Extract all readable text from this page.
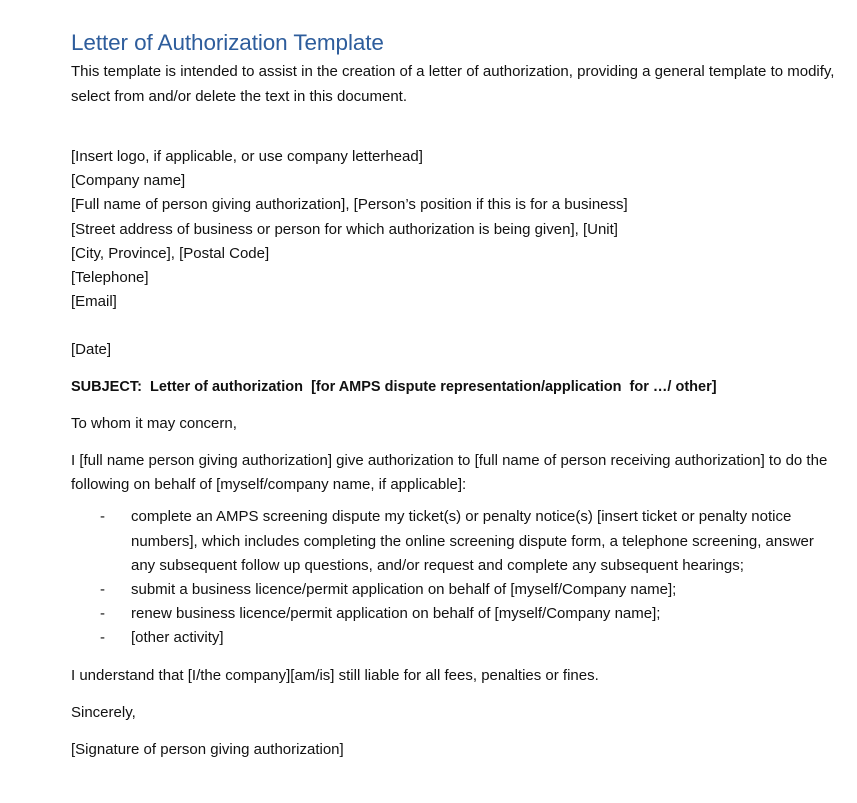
Letter of Authorization Template

This template is intended to assist in the creation of a letter of authorization, providing a general template to modify, select from and/or delete the text in this document.

[Insert logo, if applicable, or use company letterhead]
[Company name]
[Full name of person giving authorization], [Person’s position if this is for a business]
[Street address of business or person for which authorization is being given], [Unit]
[City, Province], [Postal Code]
[Telephone]
[Email]
[Date]
SUBJECT:  Letter of authorization  [for AMPS dispute representation/application  for …/ other]
To whom it may concern,

I [full name person giving authorization] give authorization to [full name of person receiving authorization] to do the following on behalf of [myself/company name, if applicable]:

- complete an AMPS screening dispute my ticket(s) or penalty notice(s) [insert ticket or penalty notice numbers], which includes completing the online screening dispute form, a telephone screening, answer any subsequent follow up questions, and/or request and complete any subsequent hearings;
- submit a business licence/permit application on behalf of [myself/Company name];
- renew business licence/permit application on behalf of [myself/Company name];
- [other activity]

I understand that [I/the company][am/is] still liable for all fees, penalties or fines.

Sincerely,

[Signature of person giving authorization]
